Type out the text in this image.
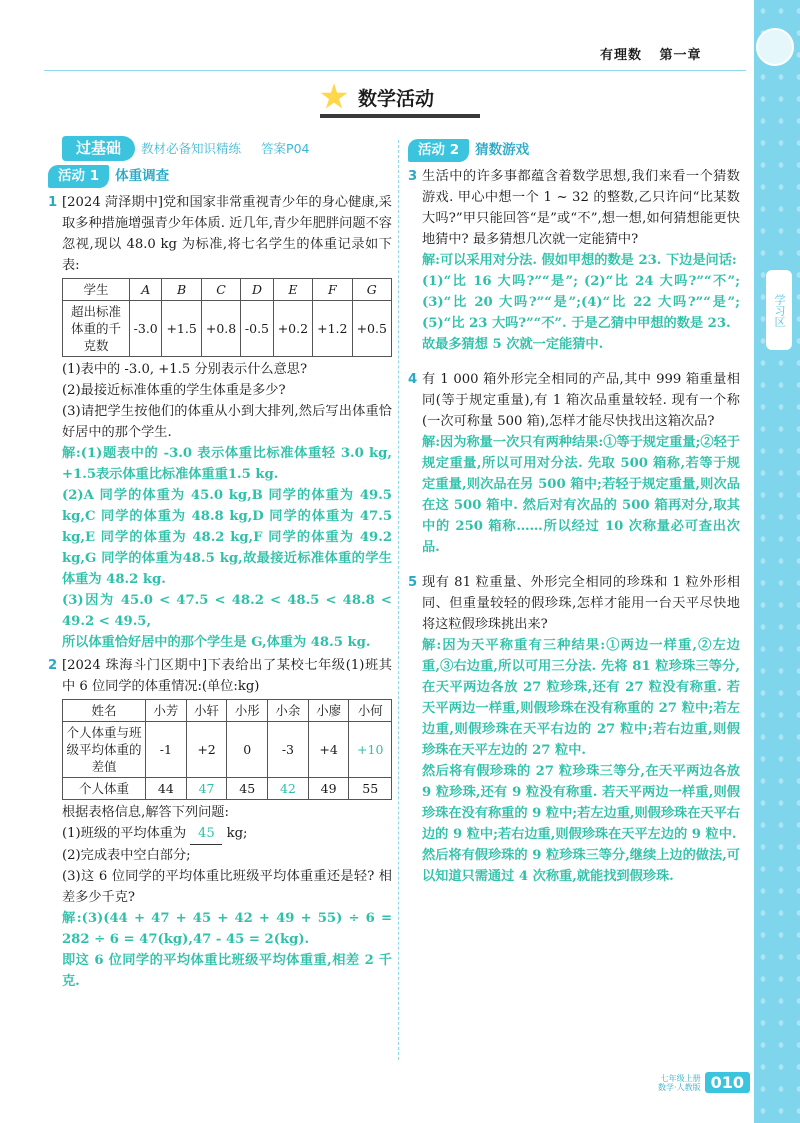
学习区
有理数 第一章
数学活动
过基础	教材必备知识精练 答案P04
活动 1	体重调查
1 [2024 菏泽期中]党和国家非常重视青少年的身心健康,采取多种措施增强青少年体质. 近几年,青少年肥胖问题不容忽视,现以 48.0 kg 为标准,将七名学生的体重记录如下表:
学生	A	B	C	D	E	F	G
超出标准体重的千克数	-3.0	+1.5	+0.8	-0.5	+0.2	+1.2	+0.5
(1)表中的 -3.0, +1.5 分别表示什么意思?
(2)最接近标准体重的学生体重是多少?
(3)请把学生按他们的体重从小到大排列,然后写出体重恰好居中的那个学生.
解:(1)题表中的 -3.0 表示体重比标准体重轻 3.0 kg, +1.5表示体重比标准体重重1.5 kg.
(2)A 同学的体重为 45.0 kg,B 同学的体重为 49.5 kg,C 同学的体重为 48.8 kg,D 同学的体重为 47.5 kg,E 同学的体重为 48.2 kg,F 同学的体重为 49.2 kg,G 同学的体重为48.5 kg,故最接近标准体重的学生体重为 48.2 kg.
(3)因为 45.0 < 47.5 < 48.2 < 48.5 < 48.8 < 49.2 < 49.5,
所以体重恰好居中的那个学生是 G,体重为 48.5 kg.
2 [2024 珠海斗门区期中]下表给出了某校七年级(1)班其中 6 位同学的体重情况:(单位:kg)
姓名	小芳	小轩	小彤	小余	小廖	小何
个人体重与班级平均体重的差值	-1	+2	0	-3	+4	+10
个人体重	44	47	45	42	49	55
根据表格信息,解答下列问题:
(1)班级的平均体重为 45 kg;
(2)完成表中空白部分;
(3)这 6 位同学的平均体重比班级平均体重重还是轻? 相差多少千克?
解:(3)(44 + 47 + 45 + 42 + 49 + 55) ÷ 6 = 282 ÷ 6 = 47(kg),47 - 45 = 2(kg).
即这 6 位同学的平均体重比班级平均体重重,相差 2 千克.
活动 2	猜数游戏
3 生活中的许多事都蕴含着数学思想,我们来看一个猜数游戏. 甲心中想一个 1 ~ 32 的整数,乙只许问“比某数大吗?”甲只能回答“是”或“不”,想一想,如何猜想能更快地猜中? 最多猜想几次就一定能猜中?
解:可以采用对分法. 假如甲想的数是 23. 下边是问话:
(1)“比 16 大吗?”“是”; (2)“比 24 大吗?”“不”;(3)“比 20 大吗?”“是”;(4)“比 22 大吗?”“是”;(5)“比 23 大吗?”“不”. 于是乙猜中甲想的数是 23.
故最多猜想 5 次就一定能猜中.
4 有 1 000 箱外形完全相同的产品,其中 999 箱重量相同(等于规定重量),有 1 箱次品重量较轻. 现有一个称(一次可称量 500 箱),怎样才能尽快找出这箱次品?
解:因为称量一次只有两种结果:①等于规定重量;②轻于规定重量,所以可用对分法. 先取 500 箱称,若等于规定重量,则次品在另 500 箱中;若轻于规定重量,则次品在这 500 箱中. 然后对有次品的 500 箱再对分,取其中的 250 箱称……所以经过 10 次称量必可查出次品.
5 现有 81 粒重量、外形完全相同的珍珠和 1 粒外形相同、但重量较轻的假珍珠,怎样才能用一台天平尽快地将这粒假珍珠挑出来?
解:因为天平称重有三种结果:①两边一样重,②左边重,③右边重,所以可用三分法. 先将 81 粒珍珠三等分,在天平两边各放 27 粒珍珠,还有 27 粒没有称重. 若天平两边一样重,则假珍珠在没有称重的 27 粒中;若左边重,则假珍珠在天平右边的 27 粒中;若右边重,则假珍珠在天平左边的 27 粒中.
然后将有假珍珠的 27 粒珍珠三等分,在天平两边各放 9 粒珍珠,还有 9 粒没有称重. 若天平两边一样重,则假珍珠在没有称重的 9 粒中;若左边重,则假珍珠在天平右边的 9 粒中;若右边重,则假珍珠在天平左边的 9 粒中.
然后将有假珍珠的 9 粒珍珠三等分,继续上边的做法,可以知道只需通过 4 次称重,就能找到假珍珠.
七年级上册
数学·人教版 010
